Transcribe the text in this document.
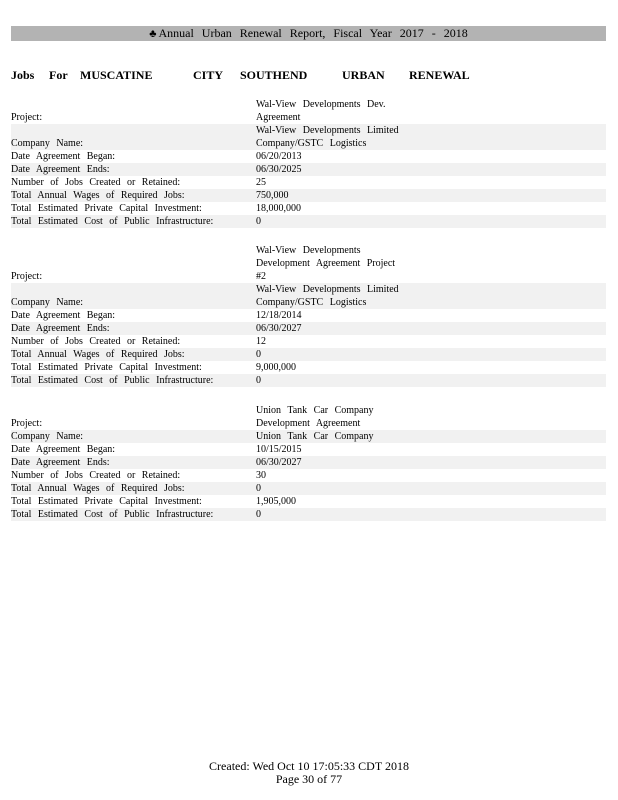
♣ Annual Urban Renewal Report, Fiscal Year 2017 - 2018
Jobs For MUSCATINE	CITY SOUTHEND	URBAN RENEWAL
Project:
Wal-View Developments Dev.
Agreement
Company Name:
Wal-View Developments Limited
Company/GSTC Logistics
Date Agreement Began:	06/20/2013
Date Agreement Ends:	06/30/2025
Number of Jobs Created or Retained:	25
Total Annual Wages of Required Jobs:	750,000
Total Estimated Private Capital Investment:	18,000,000
Total Estimated Cost of Public Infrastructure:	0
Project:
Wal-View Developments
Development Agreement Project
#2
Company Name:
Wal-View Developments Limited
Company/GSTC Logistics
Date Agreement Began:	12/18/2014
Date Agreement Ends:	06/30/2027
Number of Jobs Created or Retained:	12
Total Annual Wages of Required Jobs:	0
Total Estimated Private Capital Investment:	9,000,000
Total Estimated Cost of Public Infrastructure:	0
Project:
Union Tank Car Company
Development Agreement
Company Name:	Union Tank Car Company
Date Agreement Began:	10/15/2015
Date Agreement Ends:	06/30/2027
Number of Jobs Created or Retained:	30
Total Annual Wages of Required Jobs:	0
Total Estimated Private Capital Investment:	1,905,000
Total Estimated Cost of Public Infrastructure:	0
Created: Wed Oct 10 17:05:33 CDT 2018
Page 30 of 77
